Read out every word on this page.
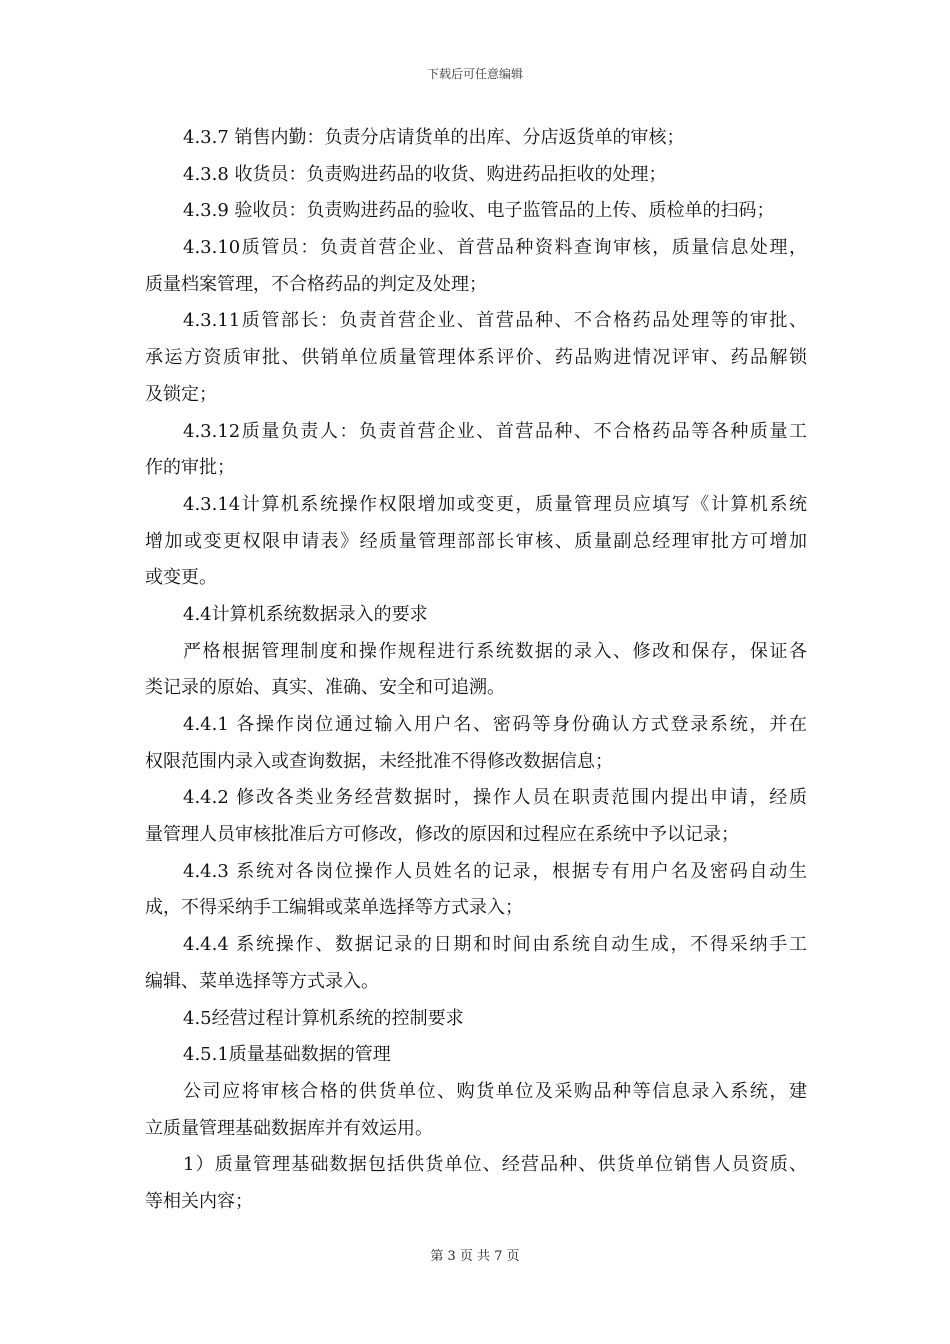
下载后可任意编辑
4.3.7 销售内勤：负责分店请货单的出库、分店返货单的审核；
4.3.8 收货员：负责购进药品的收货、购进药品拒收的处理；
4.3.9 验收员：负责购进药品的验收、电子监管品的上传、质检单的扫码；
4.3.10质管员：负责首营企业、首营品种资料查询审核，质量信息处理，
质量档案管理，不合格药品的判定及处理；
4.3.11质管部长：负责首营企业、首营品种、不合格药品处理等的审批、
承运方资质审批、供销单位质量管理体系评价、药品购进情况评审、药品解锁
及锁定；
4.3.12质量负责人：负责首营企业、首营品种、不合格药品等各种质量工
作的审批；
4.3.14计算机系统操作权限增加或变更，质量管理员应填写《计算机系统
增加或变更权限申请表》经质量管理部部长审核、质量副总经理审批方可增加
或变更。
4.4计算机系统数据录入的要求
严格根据管理制度和操作规程进行系统数据的录入、修改和保存，保证各
类记录的原始、真实、准确、安全和可追溯。
4.4.1 各操作岗位通过输入用户名、密码等身份确认方式登录系统，并在
权限范围内录入或查询数据，未经批准不得修改数据信息；
4.4.2 修改各类业务经营数据时，操作人员在职责范围内提出申请，经质
量管理人员审核批准后方可修改，修改的原因和过程应在系统中予以记录；
4.4.3 系统对各岗位操作人员姓名的记录，根据专有用户名及密码自动生
成，不得采纳手工编辑或菜单选择等方式录入；
4.4.4 系统操作、数据记录的日期和时间由系统自动生成，不得采纳手工
编辑、菜单选择等方式录入。
4.5经营过程计算机系统的控制要求
4.5.1质量基础数据的管理
公司应将审核合格的供货单位、购货单位及采购品种等信息录入系统，建
立质量管理基础数据库并有效运用。
1）质量管理基础数据包括供货单位、经营品种、供货单位销售人员资质、
等相关内容；
第 3 页 共 7 页
